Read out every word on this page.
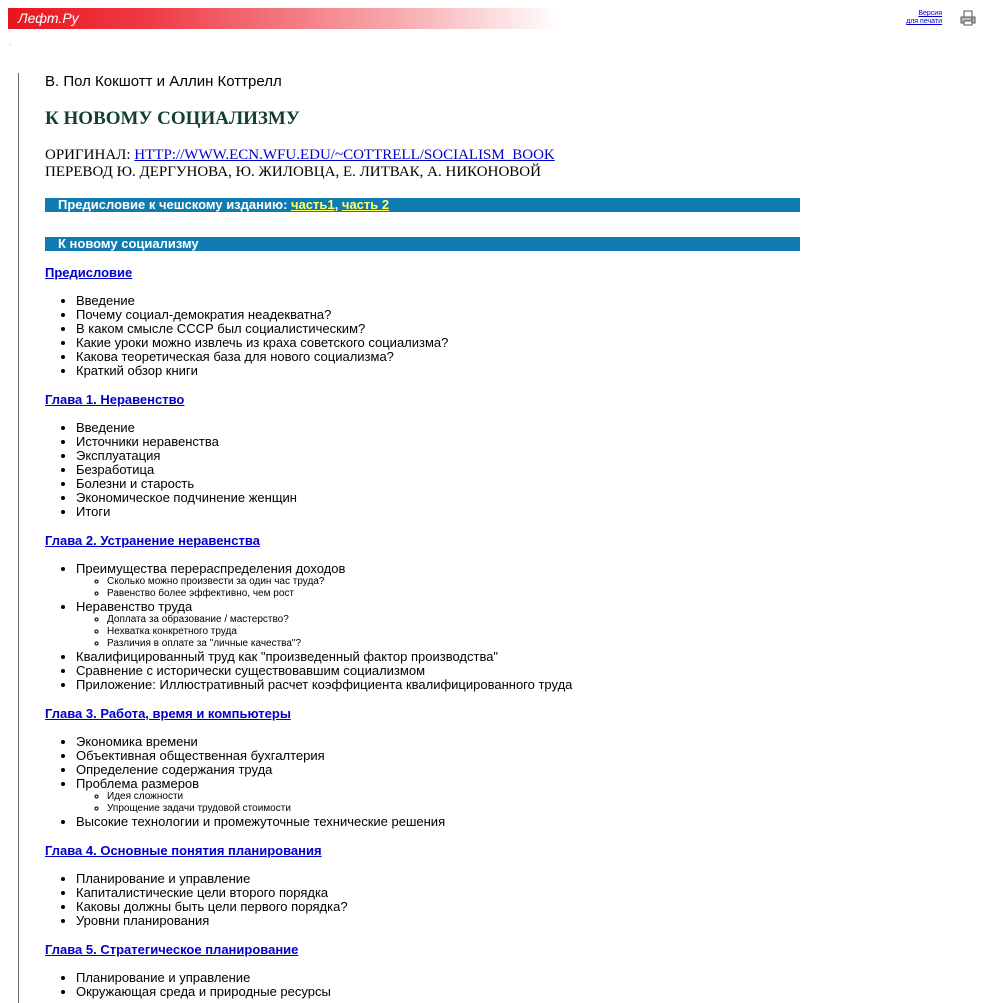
Лефт.Ру
.
Версия
для печати

В. Пол Кокшотт и Аллин Коттрелл

К НОВОМУ СОЦИАЛИЗМУ

ОРИГИНАЛ: HTTP://WWW.ECN.WFU.EDU/~COTTRELL/SOCIALISM_BOOK
ПЕРЕВОД Ю. ДЕРГУНОВА, Ю. ЖИЛОВЦА, Е. ЛИТВАК, А. НИКОНОВОЙ

Предисловие к чешскому изданию: часть1, часть 2
К новому социализму

Предисловие

• Введение
• Почему социал-демократия неадекватна?
• В каком смысле СССР был социалистическим?
• Какие уроки можно извлечь из краха советского социализма?
• Какова теоретическая база для нового социализма?
• Краткий обзор книги

Глава 1. Неравенство

• Введение
• Источники неравенства
• Эксплуатация
• Безработица
• Болезни и старость
• Экономическое подчинение женщин
• Итоги

Глава 2. Устранение неравенства

• Преимущества перераспределения доходов
◦ Сколько можно произвести за один час труда?
◦ Равенство более эффективно, чем рост
• Неравенство труда
◦ Доплата за образование / мастерство?
◦ Нехватка конкретного труда
◦ Различия в оплате за "личные качества"?
• Квалифицированный труд как "произведенный фактор производства"
• Сравнение с исторически существовавшим социализмом
• Приложение: Иллюстративный расчет коэффициента квалифицированного труда

Глава 3. Работа, время и компьютеры

• Экономика времени
• Объективная общественная бухгалтерия
• Определение содержания труда
• Проблема размеров
◦ Идея сложности
◦ Упрощение задачи трудовой стоимости
• Высокие технологии и промежуточные технические решения

Глава 4. Основные понятия планирования

• Планирование и управление
• Капиталистические цели второго порядка
• Каковы должны быть цели первого порядка?
• Уровни планирования

Глава 5. Стратегическое планирование

• Планирование и управление
• Окружающая среда и природные ресурсы
